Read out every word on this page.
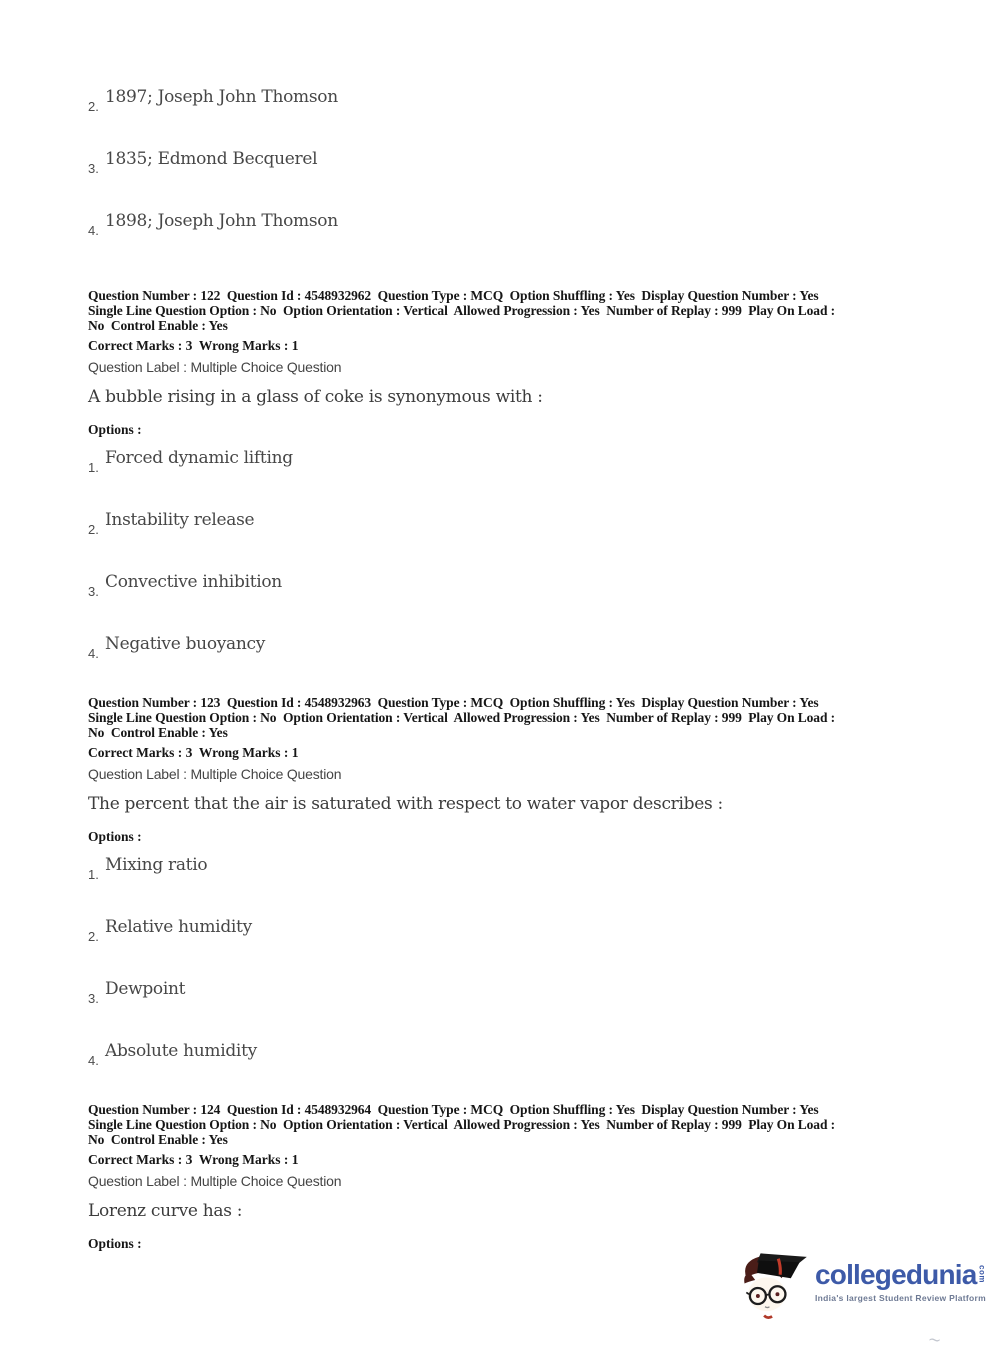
2. 1897; Joseph John Thomson
3. 1835; Edmond Becquerel
4. 1898; Joseph John Thomson
Question Number : 122  Question Id : 4548932962  Question Type : MCQ  Option Shuffling : Yes  Display Question Number : Yes
Single Line Question Option : No  Option Orientation : Vertical  Allowed Progression : Yes  Number of Replay : 999  Play On Load :
No  Control Enable : Yes
Correct Marks : 3  Wrong Marks : 1
Question Label : Multiple Choice Question
A bubble rising in a glass of coke is synonymous with :
Options :
1. Forced dynamic lifting
2. Instability release
3. Convective inhibition
4. Negative buoyancy
Question Number : 123  Question Id : 4548932963  Question Type : MCQ  Option Shuffling : Yes  Display Question Number : Yes
Single Line Question Option : No  Option Orientation : Vertical  Allowed Progression : Yes  Number of Replay : 999  Play On Load :
No  Control Enable : Yes
Correct Marks : 3  Wrong Marks : 1
Question Label : Multiple Choice Question
The percent that the air is saturated with respect to water vapor describes :
Options :
1. Mixing ratio
2. Relative humidity
3. Dewpoint
4. Absolute humidity
Question Number : 124  Question Id : 4548932964  Question Type : MCQ  Option Shuffling : Yes  Display Question Number : Yes
Single Line Question Option : No  Option Orientation : Vertical  Allowed Progression : Yes  Number of Replay : 999  Play On Load :
No  Control Enable : Yes
Correct Marks : 3  Wrong Marks : 1
Question Label : Multiple Choice Question
Lorenz curve has :
Options :
collegedunia com
India's largest Student Review Platform
~
